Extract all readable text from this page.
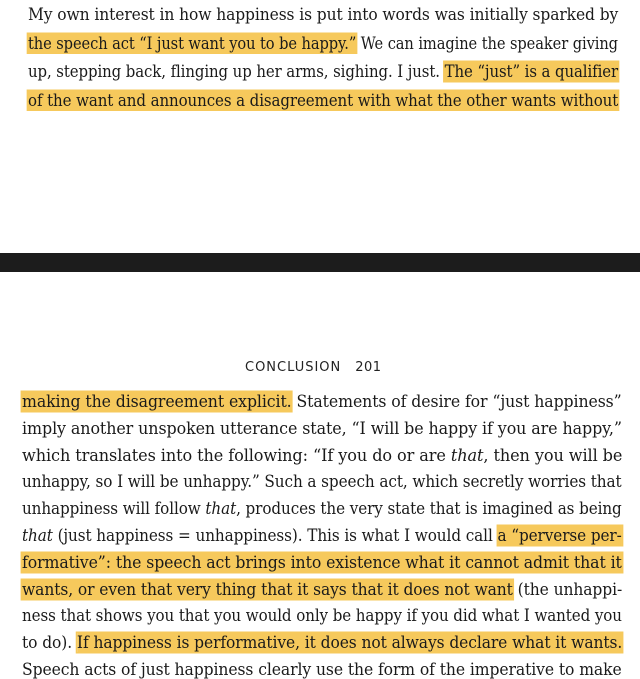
My own interest in how happiness is put into words was initially sparked by
the speech act “I just want you to be happy.” We can imagine the speaker giving
up, stepping back, flinging up her arms, sighing. I just. The “just” is a qualifier
of the want and announces a disagreement with what the other wants without
CONCLUSION 201
making the disagreement explicit. Statements of desire for “just happiness”
imply another unspoken utterance state, “I will be happy if you are happy,”
which translates into the following: “If you do or are that, then you will be
unhappy, so I will be unhappy.” Such a speech act, which secretly worries that
unhappiness will follow that, produces the very state that is imagined as being
that (just happiness = unhappiness). This is what I would call a “perverse per-
formative”: the speech act brings into existence what it cannot admit that it
wants, or even that very thing that it says that it does not want (the unhappi-
ness that shows you that you would only be happy if you did what I wanted you
to do). If happiness is performative, it does not always declare what it wants.
Speech acts of just happiness clearly use the form of the imperative to make
